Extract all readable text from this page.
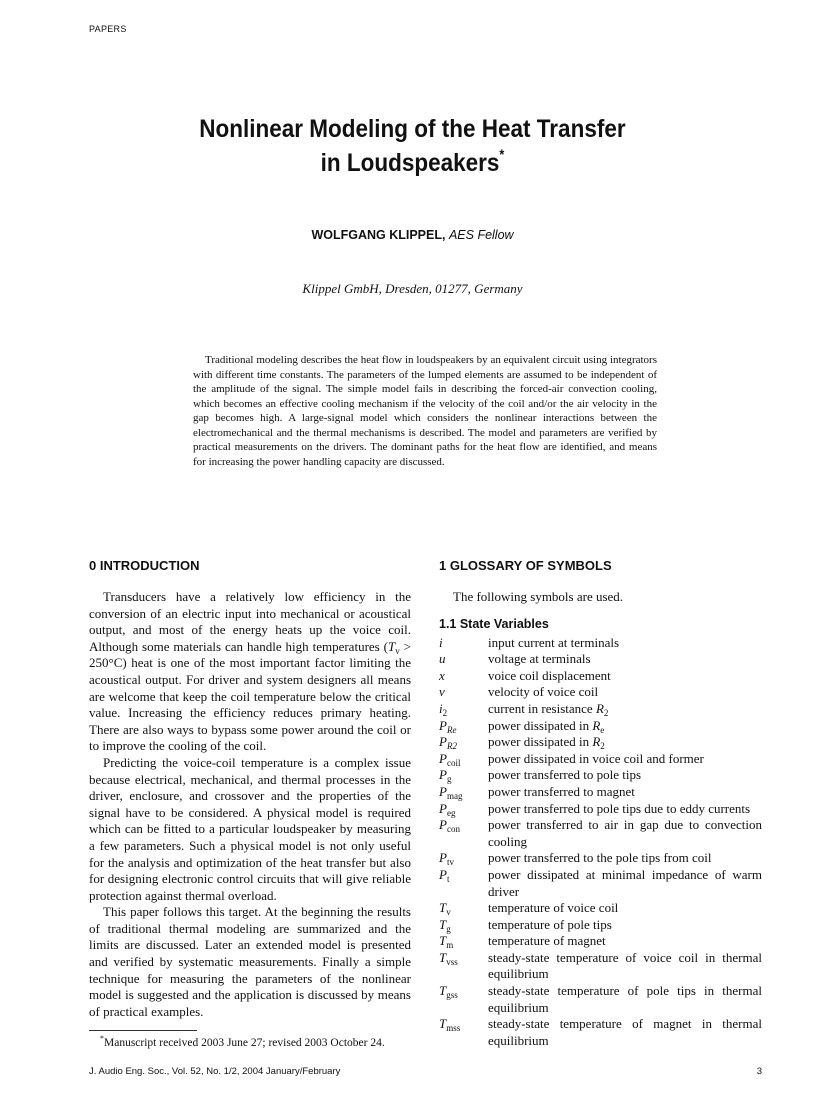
PAPERS
Nonlinear Modeling of the Heat Transfer
in Loudspeakers*
WOLFGANG KLIPPEL, AES Fellow
Klippel GmbH, Dresden, 01277, Germany
Traditional modeling describes the heat flow in loudspeakers by an equivalent circuit using integrators with different time constants. The parameters of the lumped elements are assumed to be independent of the amplitude of the signal. The simple model fails in describing the forced-air convection cooling, which becomes an effective cooling mechanism if the velocity of the coil and/or the air velocity in the gap becomes high. A large-signal model which considers the nonlinear interactions between the electromechanical and the thermal mechanisms is described. The model and parameters are verified by practical measurements on the drivers. The dominant paths for the heat flow are identified, and means for increasing the power handling capacity are discussed.
0 INTRODUCTION

Transducers have a relatively low efficiency in the conversion of an electric input into mechanical or acoustical output, and most of the energy heats up the voice coil. Although some materials can handle high temperatures $(T_v > 250^\circ C)$ heat is one of the most important factor limiting the acoustical output. For driver and system designers all means are welcome that keep the coil temperature below the critical value. Increasing the efficiency reduces primary heating. There are also ways to bypass some power around the coil or to improve the cooling of the coil.

Predicting the voice-coil temperature is a complex issue because electrical, mechanical, and thermal processes in the driver, enclosure, and crossover and the properties of the signal have to be considered. A physical model is required which can be fitted to a particular loudspeaker by measuring a few parameters. Such a physical model is not only useful for the analysis and optimization of the heat transfer but also for designing electronic control circuits that will give reliable protection against thermal overload.

This paper follows this target. At the beginning the results of traditional thermal modeling are summarized and the limits are discussed. Later an extended model is presented and verified by systematic measurements. Finally a simple technique for measuring the parameters of the nonlinear model is suggested and the application is discussed by means of practical examples.

1 GLOSSARY OF SYMBOLS

The following symbols are used.

1.1 State Variables
i	input current at terminals
u	voltage at terminals
x	voice coil displacement
v	velocity of voice coil
$i_2$	current in resistance $R_2$
$P_{Re}$	power dissipated in $R_e$
$P_{R2}$	power dissipated in $R_2$
$P_{coil}$	power dissipated in voice coil and former
$P_g$	power transferred to pole tips
$P_{mag}$	power transferred to magnet
$P_{eg}$	power transferred to pole tips due to eddy currents
$P_{con}$	power transferred to air in gap due to convection cooling
$P_{tv}$	power transferred to the pole tips from coil
$P_t$	power dissipated at minimal impedance of warm driver
$T_v$	temperature of voice coil
$T_g$	temperature of pole tips
$T_m$	temperature of magnet
$T_{vss}$	steady-state temperature of voice coil in thermal equilibrium
$T_{gss}$	steady-state temperature of pole tips in thermal equilibrium
$T_{mss}$	steady-state temperature of magnet in thermal equilibrium
*Manuscript received 2003 June 27; revised 2003 October 24.
J. Audio Eng. Soc., Vol. 52, No. 1/2, 2004 January/February	3
